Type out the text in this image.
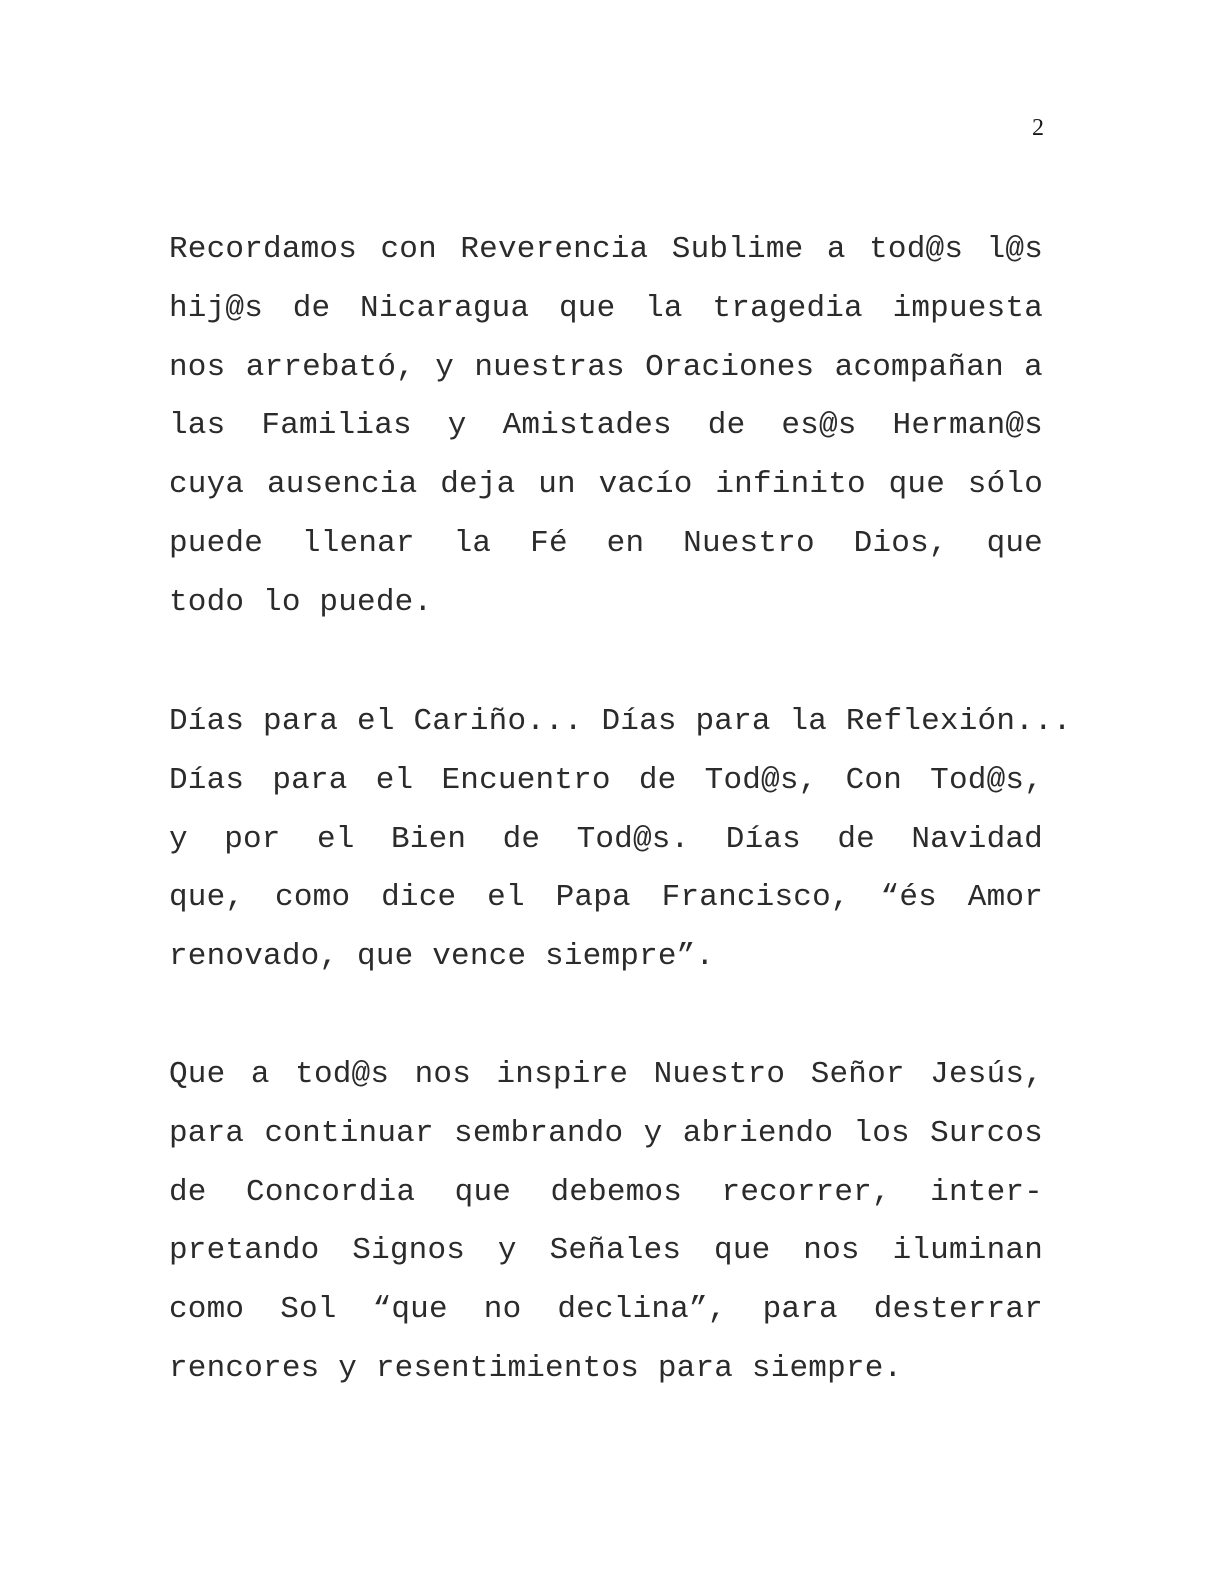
2
Recordamos con Reverencia Sublime a tod@s l@s
hij@s de Nicaragua que la tragedia impuesta
nos arrebató, y nuestras Oraciones acompañan a
las Familias y Amistades de es@s Herman@s
cuya ausencia deja un vacío infinito que sólo
puede llenar la Fé en Nuestro Dios, que
todo lo puede.
Días para el Cariño... Días para la Reflexión...
Días para el Encuentro de Tod@s, Con Tod@s,
y por el Bien de Tod@s. Días de Navidad
que, como dice el Papa Francisco, “és Amor
renovado, que vence siempre”.
Que a tod@s nos inspire Nuestro Señor Jesús,
para continuar sembrando y abriendo los Surcos
de Concordia que debemos recorrer, inter-
pretando Signos y Señales que nos iluminan
como Sol “que no declina”, para desterrar
rencores y resentimientos para siempre.
